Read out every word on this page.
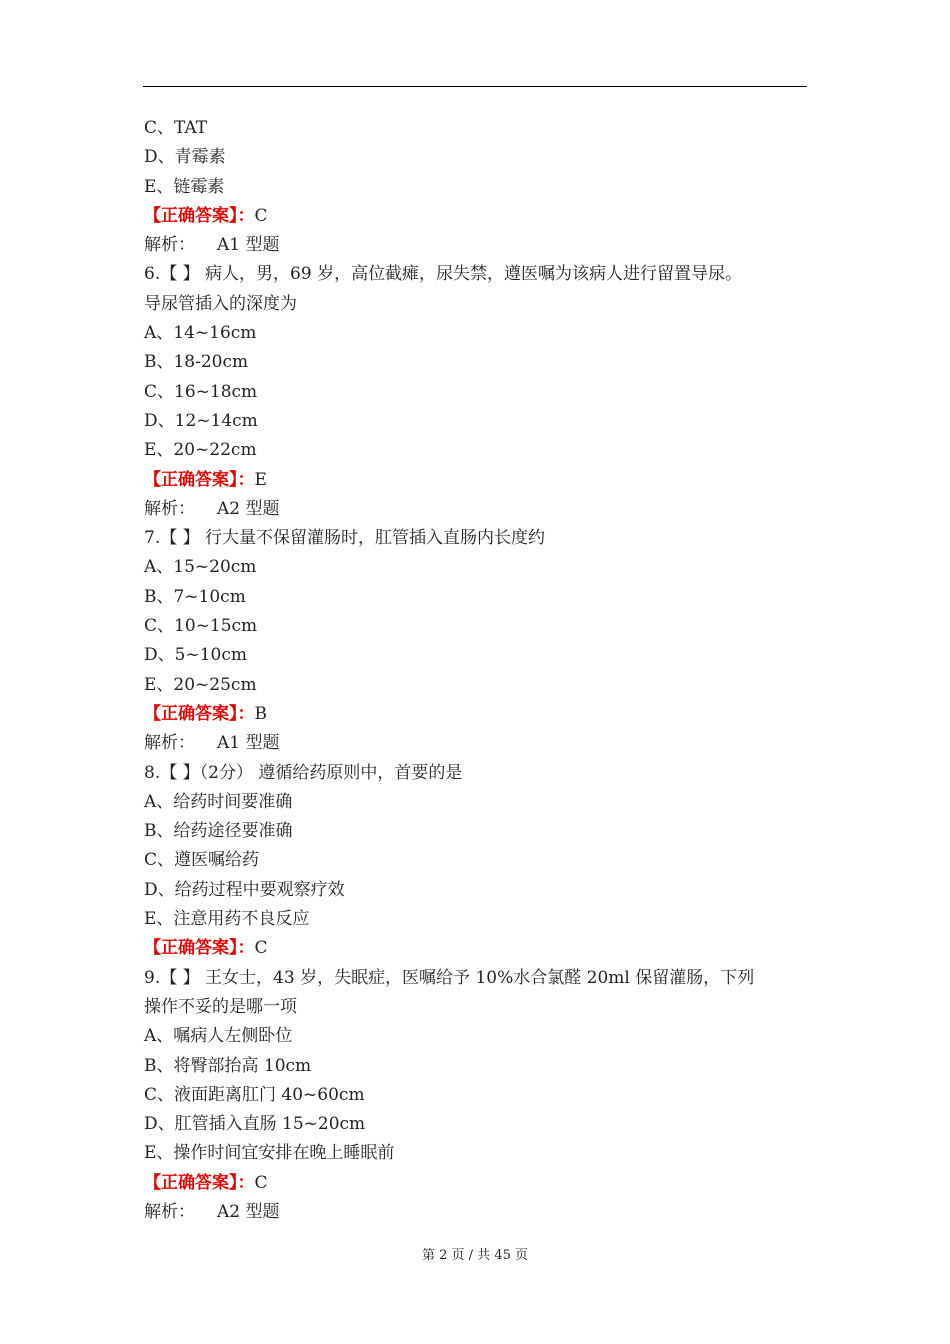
C、TAT
D、青霉素
E、链霉素
【正确答案】：C
解析： A1 型题
6.【 】 病人，男，69 岁，高位截瘫，尿失禁，遵医嘱为该病人进行留置导尿。
导尿管插入的深度为
A、14~16cm
B、18-20cm
C、16~18cm
D、12~14cm
E、20~22cm
【正确答案】：E
解析： A2 型题
7.【 】 行大量不保留灌肠时，肛管插入直肠内长度约
A、15~20cm
B、7~10cm
C、10~15cm
D、5~10cm
E、20~25cm
【正确答案】：B
解析： A1 型题
8.【 】（2分） 遵循给药原则中，首要的是
A、给药时间要准确
B、给药途径要准确
C、遵医嘱给药
D、给药过程中要观察疗效
E、注意用药不良反应
【正确答案】：C
9.【 】 王女士，43 岁，失眠症，医嘱给予 10%水合氯醛 20ml 保留灌肠，下列
操作不妥的是哪一项
A、嘱病人左侧卧位
B、将臀部抬高 10cm
C、液面距离肛门 40~60cm
D、肛管插入直肠 15~20cm
E、操作时间宜安排在晚上睡眠前
【正确答案】：C
解析： A2 型题
第 2 页 / 共 45 页
